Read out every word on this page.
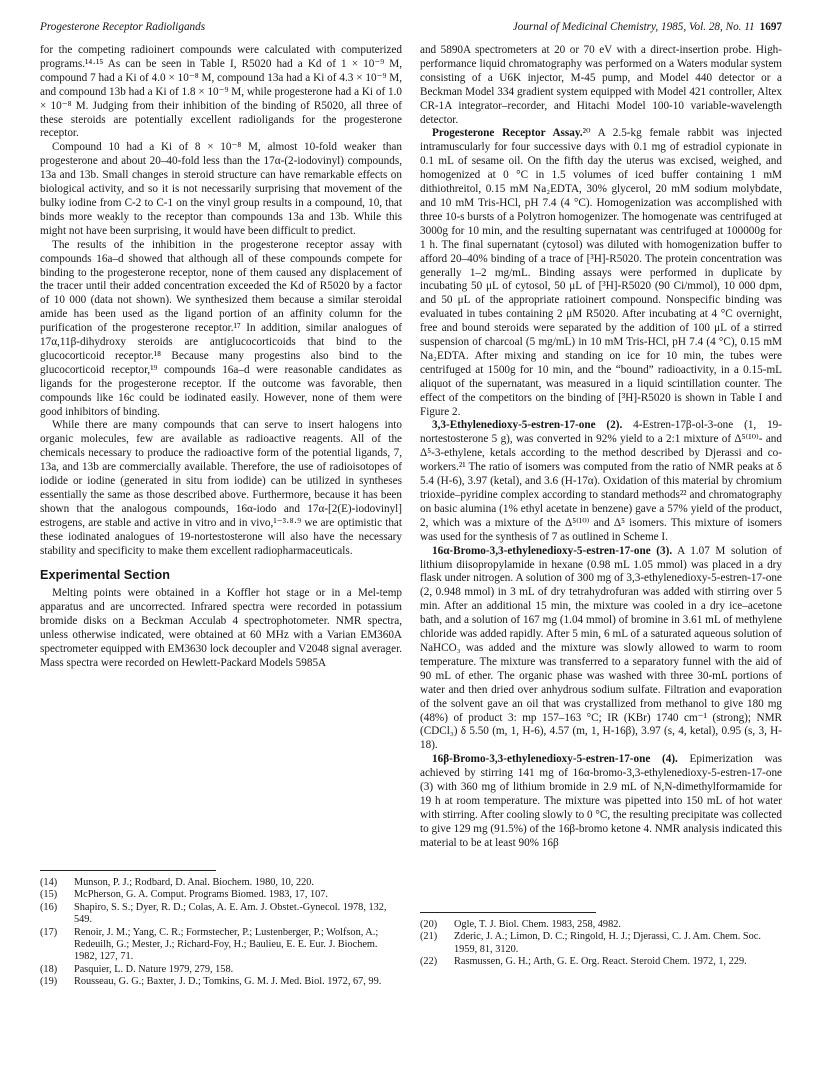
Progesterone Receptor Radioligands	Journal of Medicinal Chemistry, 1985, Vol. 28, No. 11 1697

for the competing radioinert compounds were calculated with computerized programs.¹⁴·¹⁵ As can be seen in Table I, R5020 had a Kd of 1 × 10⁻⁹ M, compound 7 had a Ki of 4.0 × 10⁻⁸ M, compound 13a had a Ki of 4.3 × 10⁻⁹ M, and compound 13b had a Ki of 1.8 × 10⁻⁹ M, while progesterone had a Ki of 1.0 × 10⁻⁸ M. Judging from their inhibition of the binding of R5020, all three of these steroids are potentially excellent radioligands for the progesterone receptor.

Compound 10 had a Ki of 8 × 10⁻⁸ M, almost 10-fold weaker than progesterone and about 20–40-fold less than the 17α-(2-iodovinyl) compounds, 13a and 13b. Small changes in steroid structure can have remarkable effects on biological activity, and so it is not necessarily surprising that movement of the bulky iodine from C-2 to C-1 on the vinyl group results in a compound, 10, that binds more weakly to the receptor than compounds 13a and 13b. While this might not have been surprising, it would have been difficult to predict.

The results of the inhibition in the progesterone receptor assay with compounds 16a–d showed that although all of these compounds compete for binding to the progesterone receptor, none of them caused any displacement of the tracer until their added concentration exceeded the Kd of R5020 by a factor of 10 000 (data not shown). We synthesized them because a similar steroidal amide has been used as the ligand portion of an affinity column for the purification of the progesterone receptor.¹⁷ In addition, similar analogues of 17α,11β-dihydroxy steroids are antiglucocorticoids that bind to the glucocorticoid receptor.¹⁸ Because many progestins also bind to the glucocorticoid receptor,¹⁹ compounds 16a–d were reasonable candidates as ligands for the progesterone receptor. If the outcome was favorable, then compounds like 16c could be iodinated easily. However, none of them were good inhibitors of binding.

While there are many compounds that can serve to insert halogens into organic molecules, few are available as radioactive reagents. All of the chemicals necessary to produce the radioactive form of the potential ligands, 7, 13a, and 13b are commercially available. Therefore, the use of radioisotopes of iodide or iodine (generated in situ from iodide) can be utilized in syntheses essentially the same as those described above. Furthermore, because it has been shown that the analogous compounds, 16α-iodo and 17α-[2(E)-iodovinyl] estrogens, are stable and active in vitro and in vivo,¹⁻³·⁸·⁹ we are optimistic that these iodinated analogues of 19-nortestosterone will also have the necessary stability and specificity to make them excellent radiopharmaceuticals.

Experimental Section

Melting points were obtained in a Koffler hot stage or in a Mel-temp apparatus and are uncorrected. Infrared spectra were recorded in potassium bromide disks on a Beckman Acculab 4 spectrophotometer. NMR spectra, unless otherwise indicated, were obtained at 60 MHz with a Varian EM360A spectrometer equipped with EM3630 lock decoupler and V2048 signal averager. Mass spectra were recorded on Hewlett-Packard Models 5985A

(14)	Munson, P. J.; Rodbard, D. Anal. Biochem. 1980, 10, 220.
(15)	McPherson, G. A. Comput. Programs Biomed. 1983, 17, 107.
(16)	Shapiro, S. S.; Dyer, R. D.; Colas, A. E. Am. J. Obstet.-Gynecol. 1978, 132, 549.
(17)	Renoir, J. M.; Yang, C. R.; Formstecher, P.; Lustenberger, P.; Wolfson, A.; Redeuilh, G.; Mester, J.; Richard-Foy, H.; Baulieu, E. E. Eur. J. Biochem. 1982, 127, 71.
(18)	Pasquier, L. D. Nature 1979, 279, 158.
(19)	Rousseau, G. G.; Baxter, J. D.; Tomkins, G. M. J. Med. Biol. 1972, 67, 99.

and 5890A spectrometers at 20 or 70 eV with a direct-insertion probe. High-performance liquid chromatography was performed on a Waters modular system consisting of a U6K injector, M-45 pump, and Model 440 detector or a Beckman Model 334 gradient system equipped with Model 421 controller, Altex CR-1A integrator–recorder, and Hitachi Model 100-10 variable-wavelength detector.

Progesterone Receptor Assay.²⁰ A 2.5-kg female rabbit was injected intramuscularly for four successive days with 0.1 mg of estradiol cypionate in 0.1 mL of sesame oil. On the fifth day the uterus was excised, weighed, and homogenized at 0 °C in 1.5 volumes of iced buffer containing 1 mM dithiothreitol, 0.15 mM Na₂EDTA, 30% glycerol, 20 mM sodium molybdate, and 10 mM Tris-HCl, pH 7.4 (4 °C). Homogenization was accomplished with three 10-s bursts of a Polytron homogenizer. The homogenate was centrifuged at 3000g for 10 min, and the resulting supernatant was centrifuged at 100000g for 1 h. The final supernatant (cytosol) was diluted with homogenization buffer to afford 20–40% binding of a trace of [³H]-R5020. The protein concentration was generally 1–2 mg/mL. Binding assays were performed in duplicate by incubating 50 μL of cytosol, 50 μL of [³H]-R5020 (90 Ci/mmol), 10 000 dpm, and 50 μL of the appropriate ratioinert compound. Nonspecific binding was evaluated in tubes containing 2 μM R5020. After incubating at 4 °C overnight, free and bound steroids were separated by the addition of 100 μL of a stirred suspension of charcoal (5 mg/mL) in 10 mM Tris-HCl, pH 7.4 (4 °C), 0.15 mM Na₂EDTA. After mixing and standing on ice for 10 min, the tubes were centrifuged at 1500g for 10 min, and the “bound” radioactivity, in a 0.15-mL aliquot of the supernatant, was measured in a liquid scintillation counter. The effect of the competitors on the binding of [³H]-R5020 is shown in Table I and Figure 2.

3,3-Ethylenedioxy-5-estren-17-one (2). 4-Estren-17β-ol-3-one (1, 19-nortestosterone 5 g), was converted in 92% yield to a 2:1 mixture of Δ⁵⁽¹⁰⁾- and Δ⁵-3-ethylene, ketals according to the method described by Djerassi and co-workers.²¹ The ratio of isomers was computed from the ratio of NMR peaks at δ 5.4 (H-6), 3.97 (ketal), and 3.6 (H-17α). Oxidation of this material by chromium trioxide–pyridine complex according to standard methods²² and chromatography on basic alumina (1% ethyl acetate in benzene) gave a 57% yield of the product, 2, which was a mixture of the Δ⁵⁽¹⁰⁾ and Δ⁵ isomers. This mixture of isomers was used for the synthesis of 7 as outlined in Scheme I.

16α-Bromo-3,3-ethylenedioxy-5-estren-17-one (3). A 1.07 M solution of lithium diisopropylamide in hexane (0.98 mL 1.05 mmol) was placed in a dry flask under nitrogen. A solution of 300 mg of 3,3-ethylenedioxy-5-estren-17-one (2, 0.948 mmol) in 3 mL of dry tetrahydrofuran was added with stirring over 5 min. After an additional 15 min, the mixture was cooled in a dry ice–acetone bath, and a solution of 167 mg (1.04 mmol) of bromine in 3.61 mL of methylene chloride was added rapidly. After 5 min, 6 mL of a saturated aqueous solution of NaHCO₃ was added and the mixture was slowly allowed to warm to room temperature. The mixture was transferred to a separatory funnel with the aid of 90 mL of ether. The organic phase was washed with three 30-mL portions of water and then dried over anhydrous sodium sulfate. Filtration and evaporation of the solvent gave an oil that was crystallized from methanol to give 180 mg (48%) of product 3: mp 157–163 °C; IR (KBr) 1740 cm⁻¹ (strong); NMR (CDCl₃) δ 5.50 (m, 1, H-6), 4.57 (m, 1, H-16β), 3.97 (s, 4, ketal), 0.95 (s, 3, H-18).

16β-Bromo-3,3-ethylenedioxy-5-estren-17-one (4). Epimerization was achieved by stirring 141 mg of 16α-bromo-3,3-ethylenedioxy-5-estren-17-one (3) with 360 mg of lithium bromide in 2.9 mL of N,N-dimethylformamide for 19 h at room temperature. The mixture was pipetted into 150 mL of hot water with stirring. After cooling slowly to 0 °C, the resulting precipitate was collected to give 129 mg (91.5%) of the 16β-bromo ketone 4. NMR analysis indicated this material to be at least 90% 16β

(20)	Ogle, T. J. Biol. Chem. 1983, 258, 4982.
(21)	Zderic, J. A.; Limon, D. C.; Ringold, H. J.; Djerassi, C. J. Am. Chem. Soc. 1959, 81, 3120.
(22)	Rasmussen, G. H.; Arth, G. E. Org. React. Steroid Chem. 1972, 1, 229.
